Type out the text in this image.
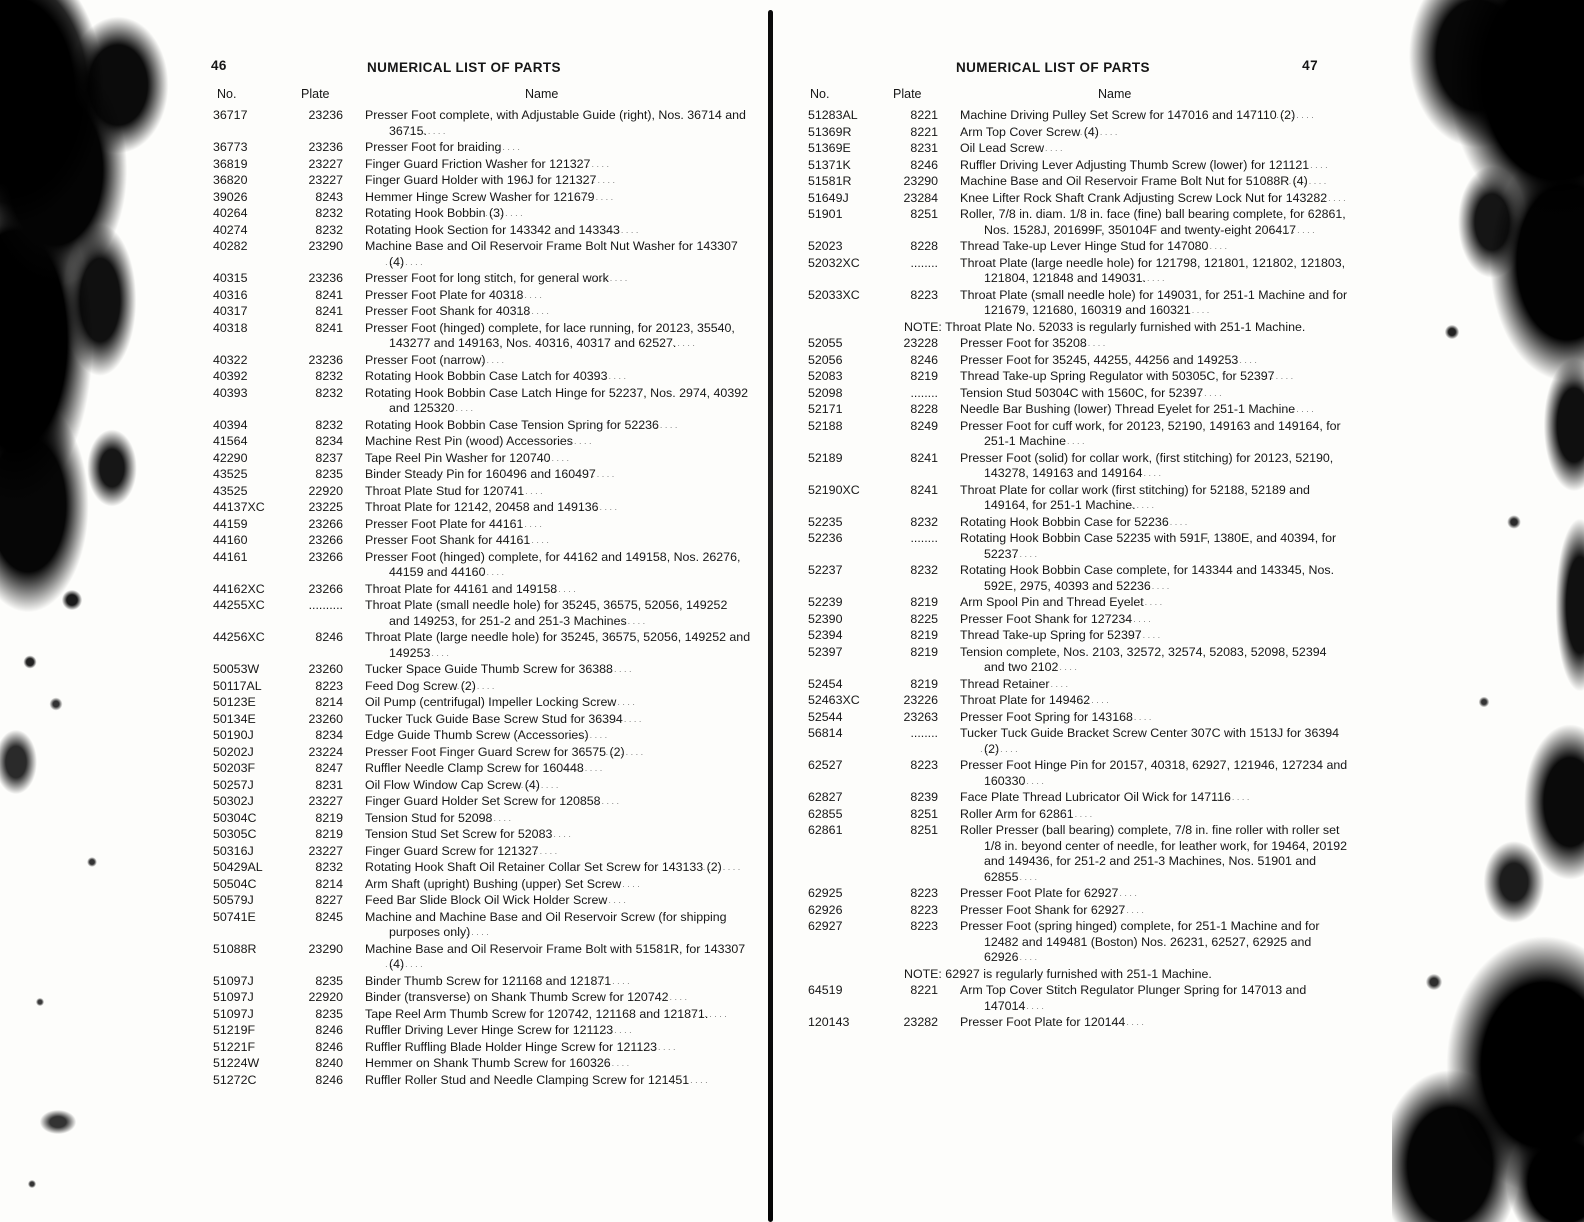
46	NUMERICAL LIST OF PARTS
No.	Plate	Name
36717	23236	Presser Foot complete, with Adjustable Guide (right), Nos. 36714 and 36715. .....
36773	23236	Presser Foot for braiding .....
36819	23227	Finger Guard Friction Washer for 121327 .....
36820	23227	Finger Guard Holder with 196J for 121327 .....
39026	8243	Hemmer Hinge Screw Washer for 121679 .....
40264	8232	Rotating Hook Bobbin (3) .....
40274	8232	Rotating Hook Section for 143342 and 143343 .....
40282	23290	Machine Base and Oil Reservoir Frame Bolt Nut Washer for 143307 (4) .....
40315	23236	Presser Foot for long stitch, for general work .....
40316	8241	Presser Foot Plate for 40318 .....
40317	8241	Presser Foot Shank for 40318 .....
40318	8241	Presser Foot (hinged) complete, for lace running, for 20123, 35540, 143277 and 149163, Nos. 40316, 40317 and 62527. .....
40322	23236	Presser Foot (narrow) .....
40392	8232	Rotating Hook Bobbin Case Latch for 40393 .....
40393	8232	Rotating Hook Bobbin Case Latch Hinge for 52237, Nos. 2974, 40392 and 125320 .....
40394	8232	Rotating Hook Bobbin Case Tension Spring for 52236 .....
41564	8234	Machine Rest Pin (wood) Accessories .....
42290	8237	Tape Reel Pin Washer for 120740 .....
43525	8235	Binder Steady Pin for 160496 and 160497 .....
43525	22920	Throat Plate Stud for 120741 .....
44137XC	23225	Throat Plate for 12142, 20458 and 149136 .....
44159	23266	Presser Foot Plate for 44161 .....
44160	23266	Presser Foot Shank for 44161 .....
44161	23266	Presser Foot (hinged) complete, for 44162 and 149158, Nos. 26276, 44159 and 44160 .....
44162XC	23266	Throat Plate for 44161 and 149158 .....
44255XC	..........	Throat Plate (small needle hole) for 35245, 36575, 52056, 149252 and 149253, for 251-2 and 251-3 Machines .....
44256XC	8246	Throat Plate (large needle hole) for 35245, 36575, 52056, 149252 and 149253 .....
50053W	23260	Tucker Space Guide Thumb Screw for 36388 .....
50117AL	8223	Feed Dog Screw (2) .....
50123E	8214	Oil Pump (centrifugal) Impeller Locking Screw .....
50134E	23260	Tucker Tuck Guide Base Screw Stud for 36394 .....
50190J	8234	Edge Guide Thumb Screw (Accessories) .....
50202J	23224	Presser Foot Finger Guard Screw for 36575 (2) .....
50203F	8247	Ruffler Needle Clamp Screw for 160448 .....
50257J	8231	Oil Flow Window Cap Screw (4) .....
50302J	23227	Finger Guard Holder Set Screw for 120858 .....
50304C	8219	Tension Stud for 52098 .....
50305C	8219	Tension Stud Set Screw for 52083 .....
50316J	23227	Finger Guard Screw for 121327 .....
50429AL	8232	Rotating Hook Shaft Oil Retainer Collar Set Screw for 143133 (2) .....
50504C	8214	Arm Shaft (upright) Bushing (upper) Set Screw .....
50579J	8227	Feed Bar Slide Block Oil Wick Holder Screw .....
50741E	8245	Machine and Machine Base and Oil Reservoir Screw (for shipping purposes only) .....
51088R	23290	Machine Base and Oil Reservoir Frame Bolt with 51581R, for 143307 (4) .....
51097J	8235	Binder Thumb Screw for 121168 and 121871 .....
51097J	22920	Binder (transverse) on Shank Thumb Screw for 120742 .....
51097J	8235	Tape Reel Arm Thumb Screw for 120742, 121168 and 121871. .....
51219F	8246	Ruffler Driving Lever Hinge Screw for 121123 .....
51221F	8246	Ruffler Ruffling Blade Holder Hinge Screw for 121123 .....
51224W	8240	Hemmer on Shank Thumb Screw for 160326 .....
51272C	8246	Ruffler Roller Stud and Needle Clamping Screw for 121451 .....
NUMERICAL LIST OF PARTS	47
No.	Plate	Name
51283AL	8221	Machine Driving Pulley Set Screw for 147016 and 147110 (2) .....
51369R	8221	Arm Top Cover Screw (4) .....
51369E	8231	Oil Lead Screw .....
51371K	8246	Ruffler Driving Lever Adjusting Thumb Screw (lower) for 121121 .....
51581R	23290	Machine Base and Oil Reservoir Frame Bolt Nut for 51088R (4) .....
51649J	23284	Knee Lifter Rock Shaft Crank Adjusting Screw Lock Nut for 143282 .....
51901	8251	Roller, 7/8 in. diam. 1/8 in. face (fine) ball bearing complete, for 62861, Nos. 1528J, 201699F, 350104F and twenty-eight 206417 .....
52023	8228	Thread Take-up Lever Hinge Stud for 147080 .....
52032XC	........	Throat Plate (large needle hole) for 121798, 121801, 121802, 121803, 121804, 121848 and 149031. .....
52033XC	8223	Throat Plate (small needle hole) for 149031, for 251-1 Machine and for 121679, 121680, 160319 and 160321 .....
NOTE: Throat Plate No. 52033 is regularly furnished with 251-1 Machine.
52055	23228	Presser Foot for 35208 .....
52056	8246	Presser Foot for 35245, 44255, 44256 and 149253 .....
52083	8219	Thread Take-up Spring Regulator with 50305C, for 52397 .....
52098	........	Tension Stud 50304C with 1560C, for 52397 .....
52171	8228	Needle Bar Bushing (lower) Thread Eyelet for 251-1 Machine .....
52188	8249	Presser Foot for cuff work, for 20123, 52190, 149163 and 149164, for 251-1 Machine .....
52189	8241	Presser Foot (solid) for collar work, (first stitching) for 20123, 52190, 143278, 149163 and 149164 .....
52190XC	8241	Throat Plate for collar work (first stitching) for 52188, 52189 and 149164, for 251-1 Machine. .....
52235	8232	Rotating Hook Bobbin Case for 52236 .....
52236	........	Rotating Hook Bobbin Case 52235 with 591F, 1380E, and 40394, for 52237 .....
52237	8232	Rotating Hook Bobbin Case complete, for 143344 and 143345, Nos. 592E, 2975, 40393 and 52236 .....
52239	8219	Arm Spool Pin and Thread Eyelet .....
52390	8225	Presser Foot Shank for 127234 .....
52394	8219	Thread Take-up Spring for 52397 .....
52397	8219	Tension complete, Nos. 2103, 32572, 32574, 52083, 52098, 52394 and two 2102 .....
52454	8219	Thread Retainer .....
52463XC	23226	Throat Plate for 149462 .....
52544	23263	Presser Foot Spring for 143168 .....
56814	........	Tucker Tuck Guide Bracket Screw Center 307C with 1513J for 36394 (2) .....
62527	8223	Presser Foot Hinge Pin for 20157, 40318, 62927, 121946, 127234 and 160330 .....
62827	8239	Face Plate Thread Lubricator Oil Wick for 147116 .....
62855	8251	Roller Arm for 62861 .....
62861	8251	Roller Presser (ball bearing) complete, 7/8 in. fine roller with roller set 1/8 in. beyond center of needle, for leather work, for 19464, 20192 and 149436, for 251-2 and 251-3 Machines, Nos. 51901 and 62855 .....
62925	8223	Presser Foot Plate for 62927 .....
62926	8223	Presser Foot Shank for 62927 .....
62927	8223	Presser Foot (spring hinged) complete, for 251-1 Machine and for 12482 and 149481 (Boston) Nos. 26231, 62527, 62925 and 62926 .....
NOTE: 62927 is regularly furnished with 251-1 Machine.
64519	8221	Arm Top Cover Stitch Regulator Plunger Spring for 147013 and 147014 .....
120143	23282	Presser Foot Plate for 120144 .....
